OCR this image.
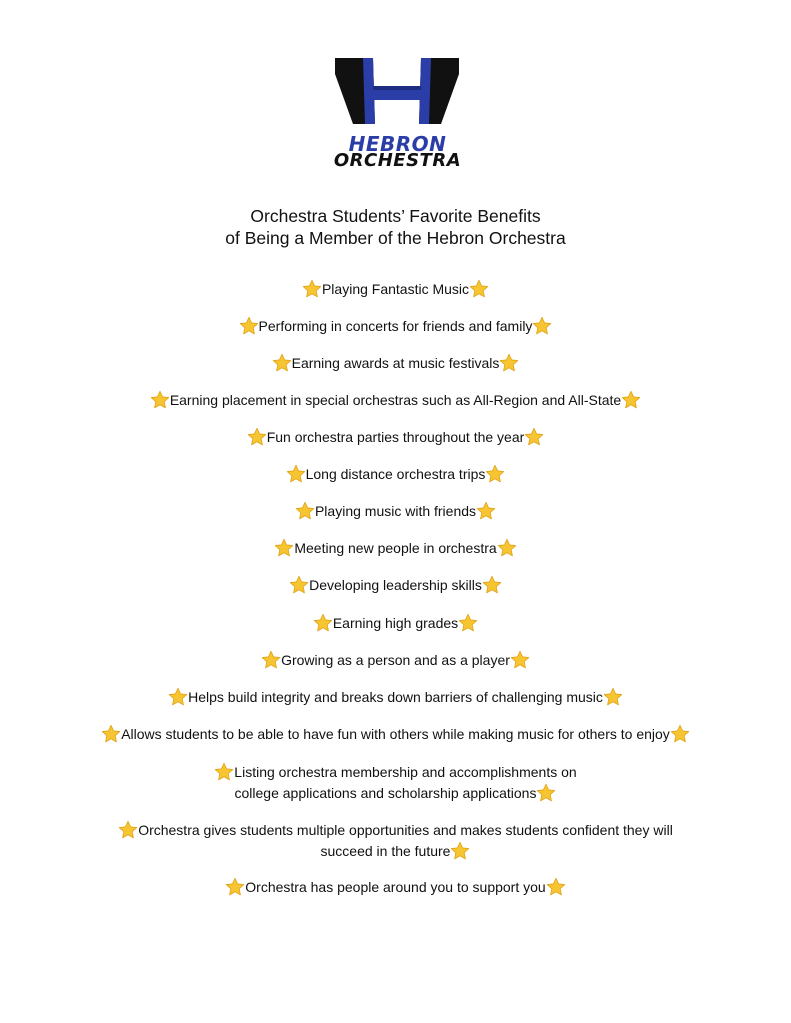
HEBRON
ORCHESTRA
Orchestra Students’ Favorite Benefits
of Being a Member of the Hebron Orchestra
Playing Fantastic Music
Performing in concerts for friends and family
Earning awards at music festivals
Earning placement in special orchestras such as All-Region and All-State
Fun orchestra parties throughout the year
Long distance orchestra trips
Playing music with friends
Meeting new people in orchestra
Developing leadership skills
Earning high grades
Growing as a person and as a player
Helps build integrity and breaks down barriers of challenging music
Allows students to be able to have fun with others while making music for others to enjoy
Listing orchestra membership and accomplishments on
college applications and scholarship applications
Orchestra gives students multiple opportunities and makes students confident they will
succeed in the future
Orchestra has people around you to support you
